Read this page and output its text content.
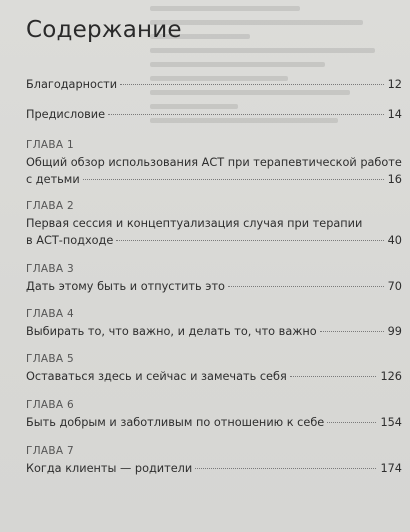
Содержание
Благодарности	12
Предисловие	14
ГЛАВА 1
Общий обзор использования АСТ при терапевтической работе
с детьми	16
ГЛАВА 2
Первая сессия и концептуализация случая при терапии
в АСТ-подходе	40
ГЛАВА 3
Дать этому быть и отпустить это	70
ГЛАВА 4
Выбирать то, что важно, и делать то, что важно	99
ГЛАВА 5
Оставаться здесь и сейчас и замечать себя	126
ГЛАВА 6
Быть добрым и заботливым по отношению к себе	154
ГЛАВА 7
Когда клиенты — родители	174
